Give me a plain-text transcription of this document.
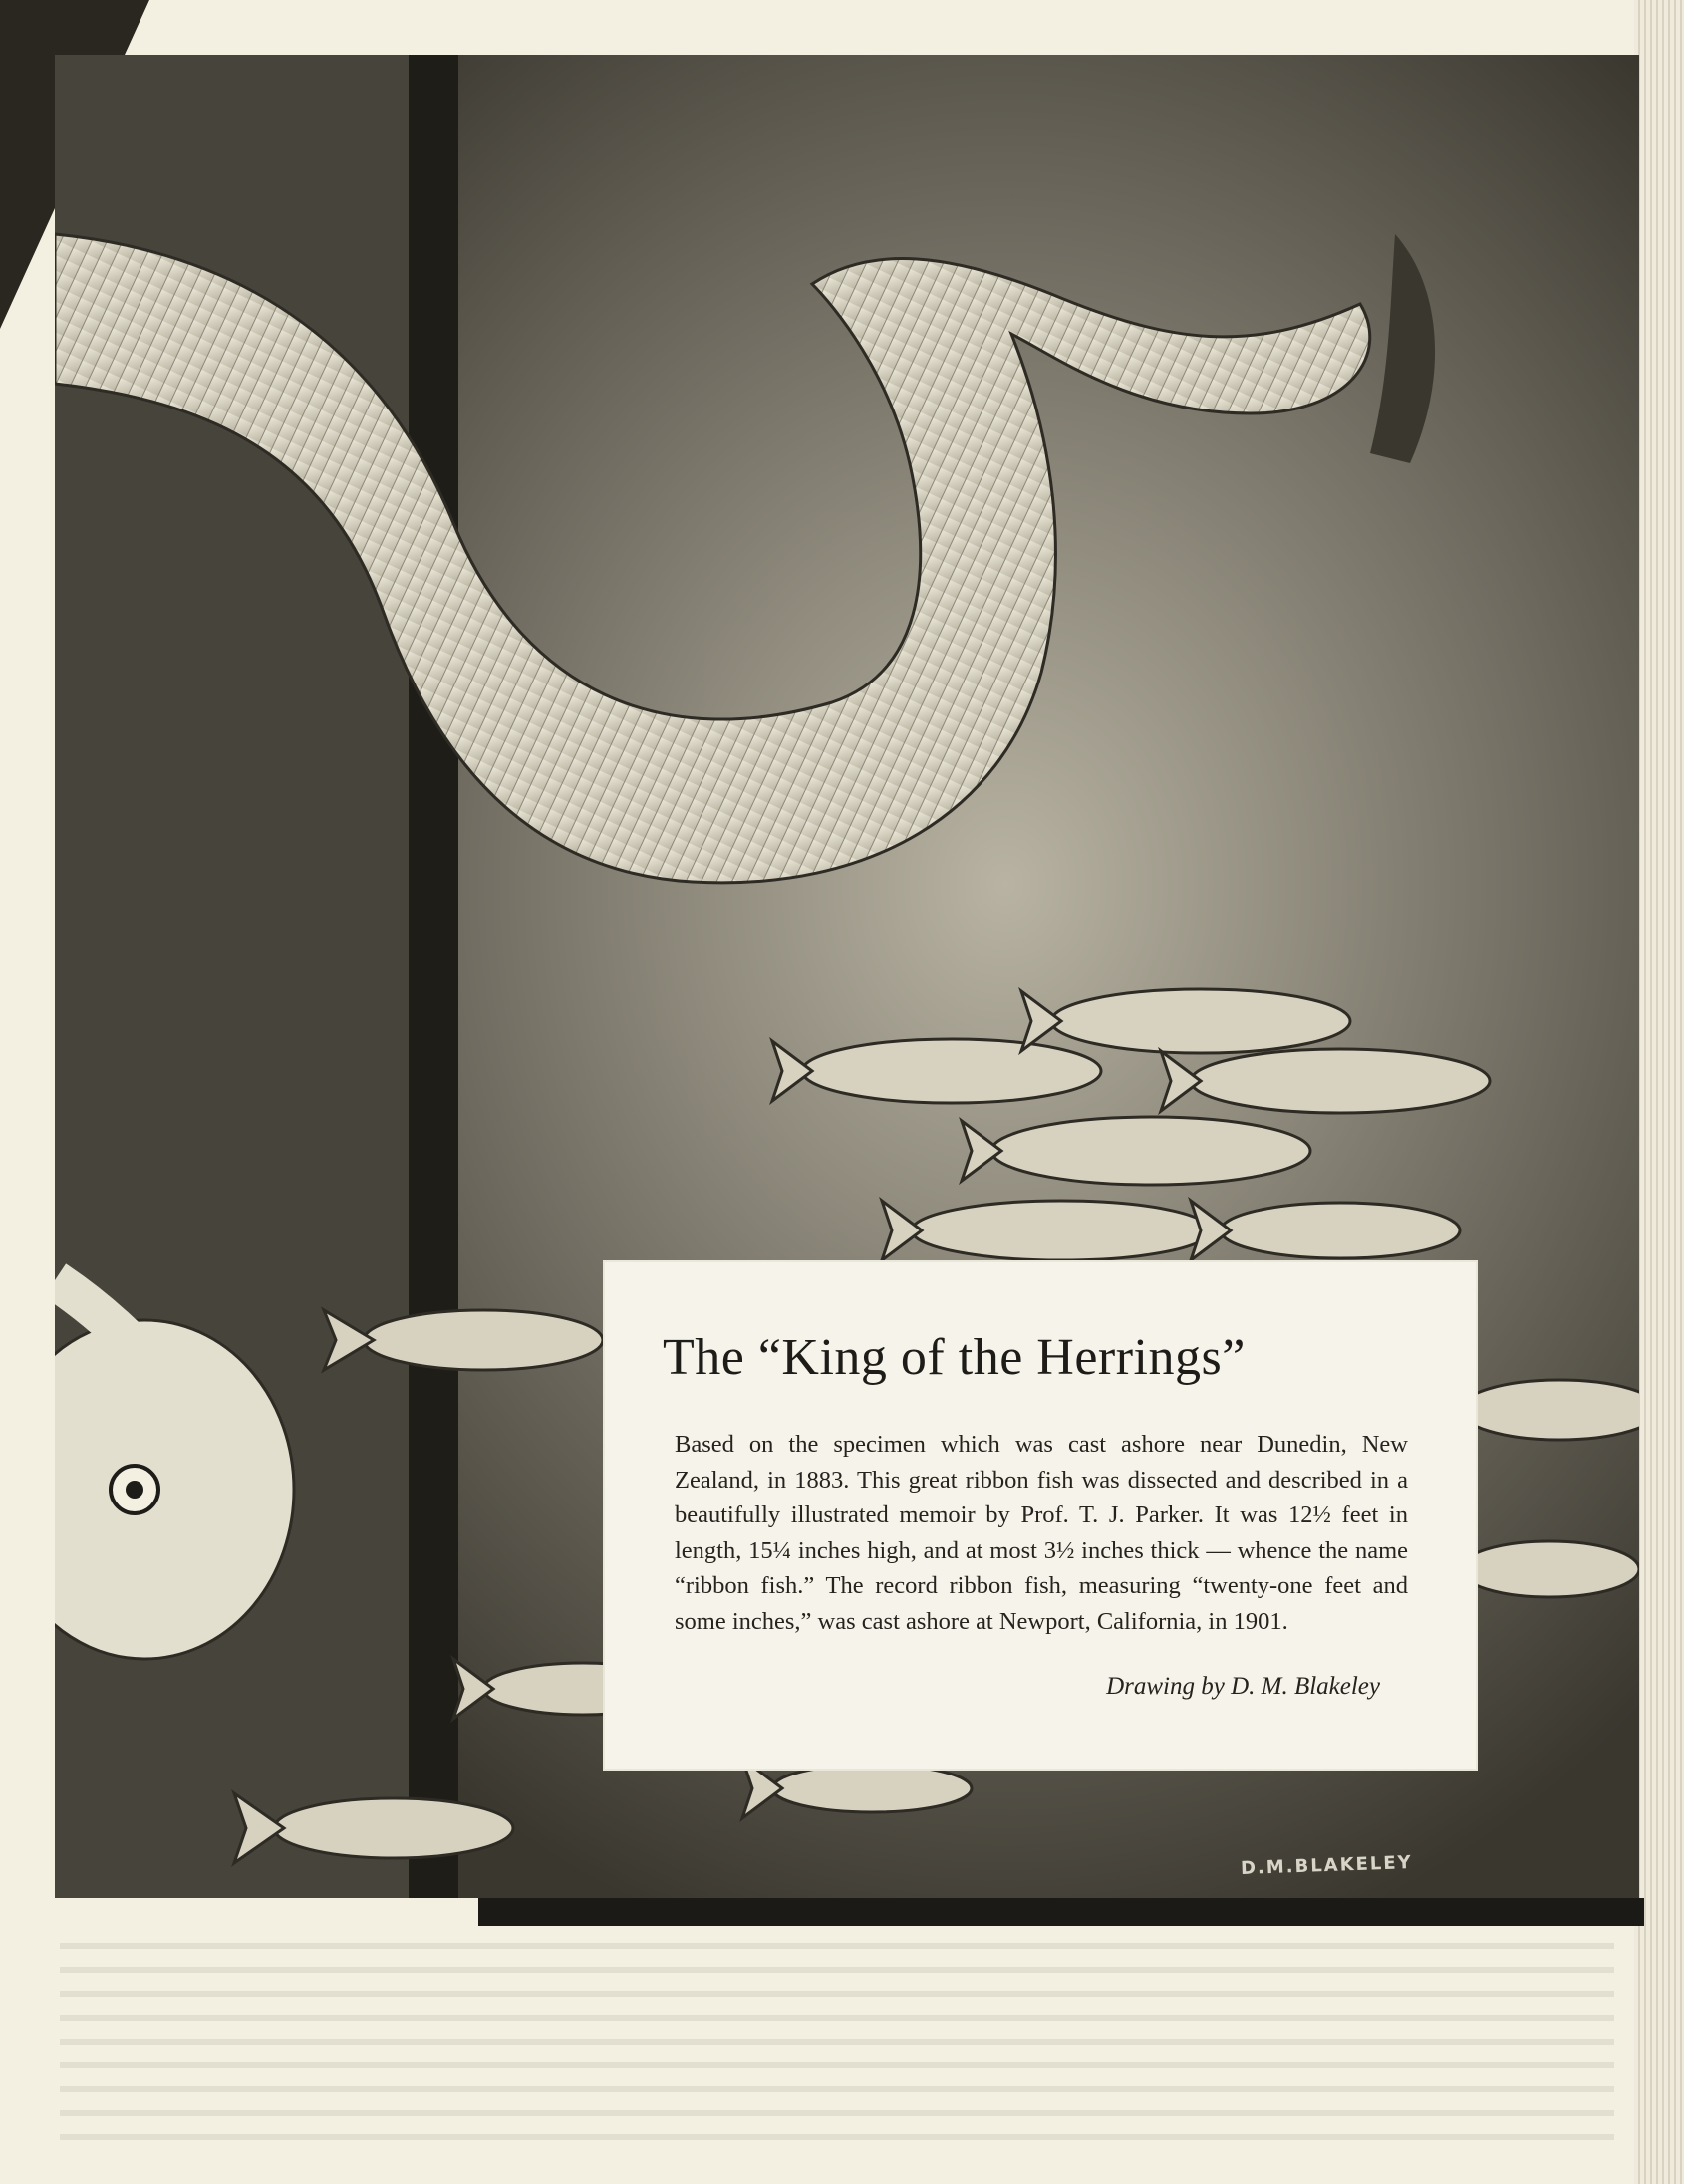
D.M.BLAKELEY
The “King of the Herrings”

Based on the specimen which was cast ashore near Dunedin, New Zealand, in 1883. This great ribbon fish was dissected and described in a beautifully illustrated memoir by Prof. T. J. Parker. It was 12½ feet in length, 15¼ inches high, and at most 3½ inches thick — whence the name “ribbon fish.” The record ribbon fish, measuring “twenty-one feet and some inches,” was cast ashore at Newport, California, in 1901.

Drawing by D. M. Blakeley
